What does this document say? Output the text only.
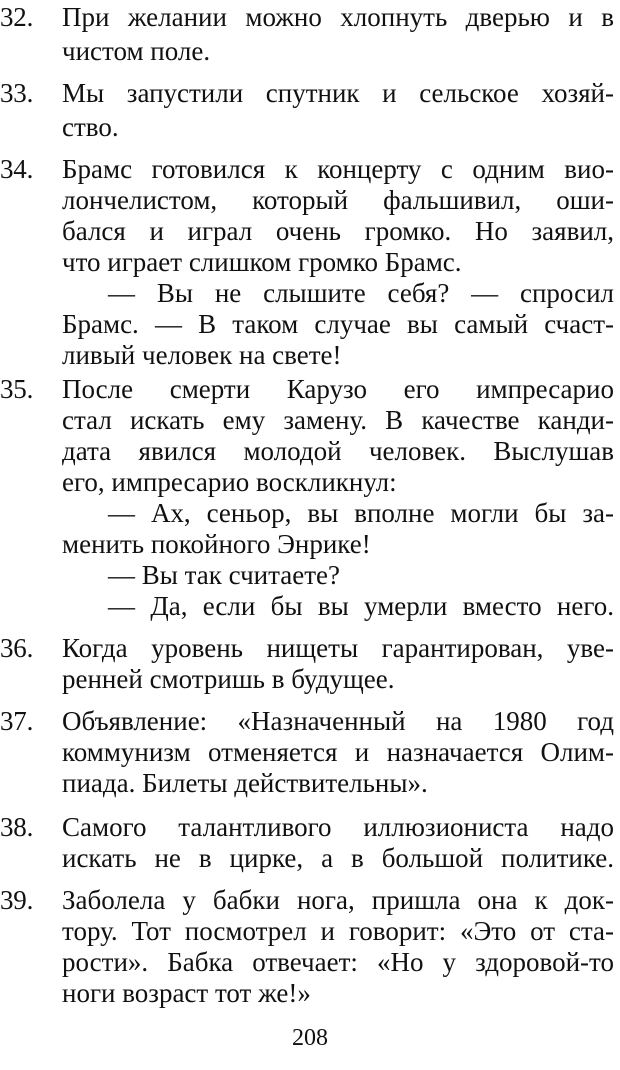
32.	При желании можно хлопнуть дверью и в
чистом поле.
33.	Мы запустили спутник и сельское хозяй-
ство.
34.	Брамс готовился к концерту с одним вио-
лончелистом, который фальшивил, оши-
бался и играл очень громко. Но заявил,
что играет слишком громко Брамс.
— Вы не слышите себя? — спросил
Брамс. — В таком случае вы самый счаст-
ливый человек на свете!
35.	После смерти Карузо его импресарио
стал искать ему замену. В качестве канди-
дата явился молодой человек. Выслушав
его, импресарио воскликнул:
— Ах, сеньор, вы вполне могли бы за-
менить покойного Энрике!
— Вы так считаете?
— Да, если бы вы умерли вместо него.
36.	Когда уровень нищеты гарантирован, уве-
ренней смотришь в будущее.
37.	Объявление: «Назначенный на 1980 год
коммунизм отменяется и назначается Олим-
пиада. Билеты действительны».
38.	Самого талантливого иллюзиониста надо
искать не в цирке, а в большой политике.
39.	Заболела у бабки нога, пришла она к док-
тору. Тот посмотрел и говорит: «Это от ста-
рости». Бабка отвечает: «Но у здоровой-то
ноги возраст тот же!»
208
